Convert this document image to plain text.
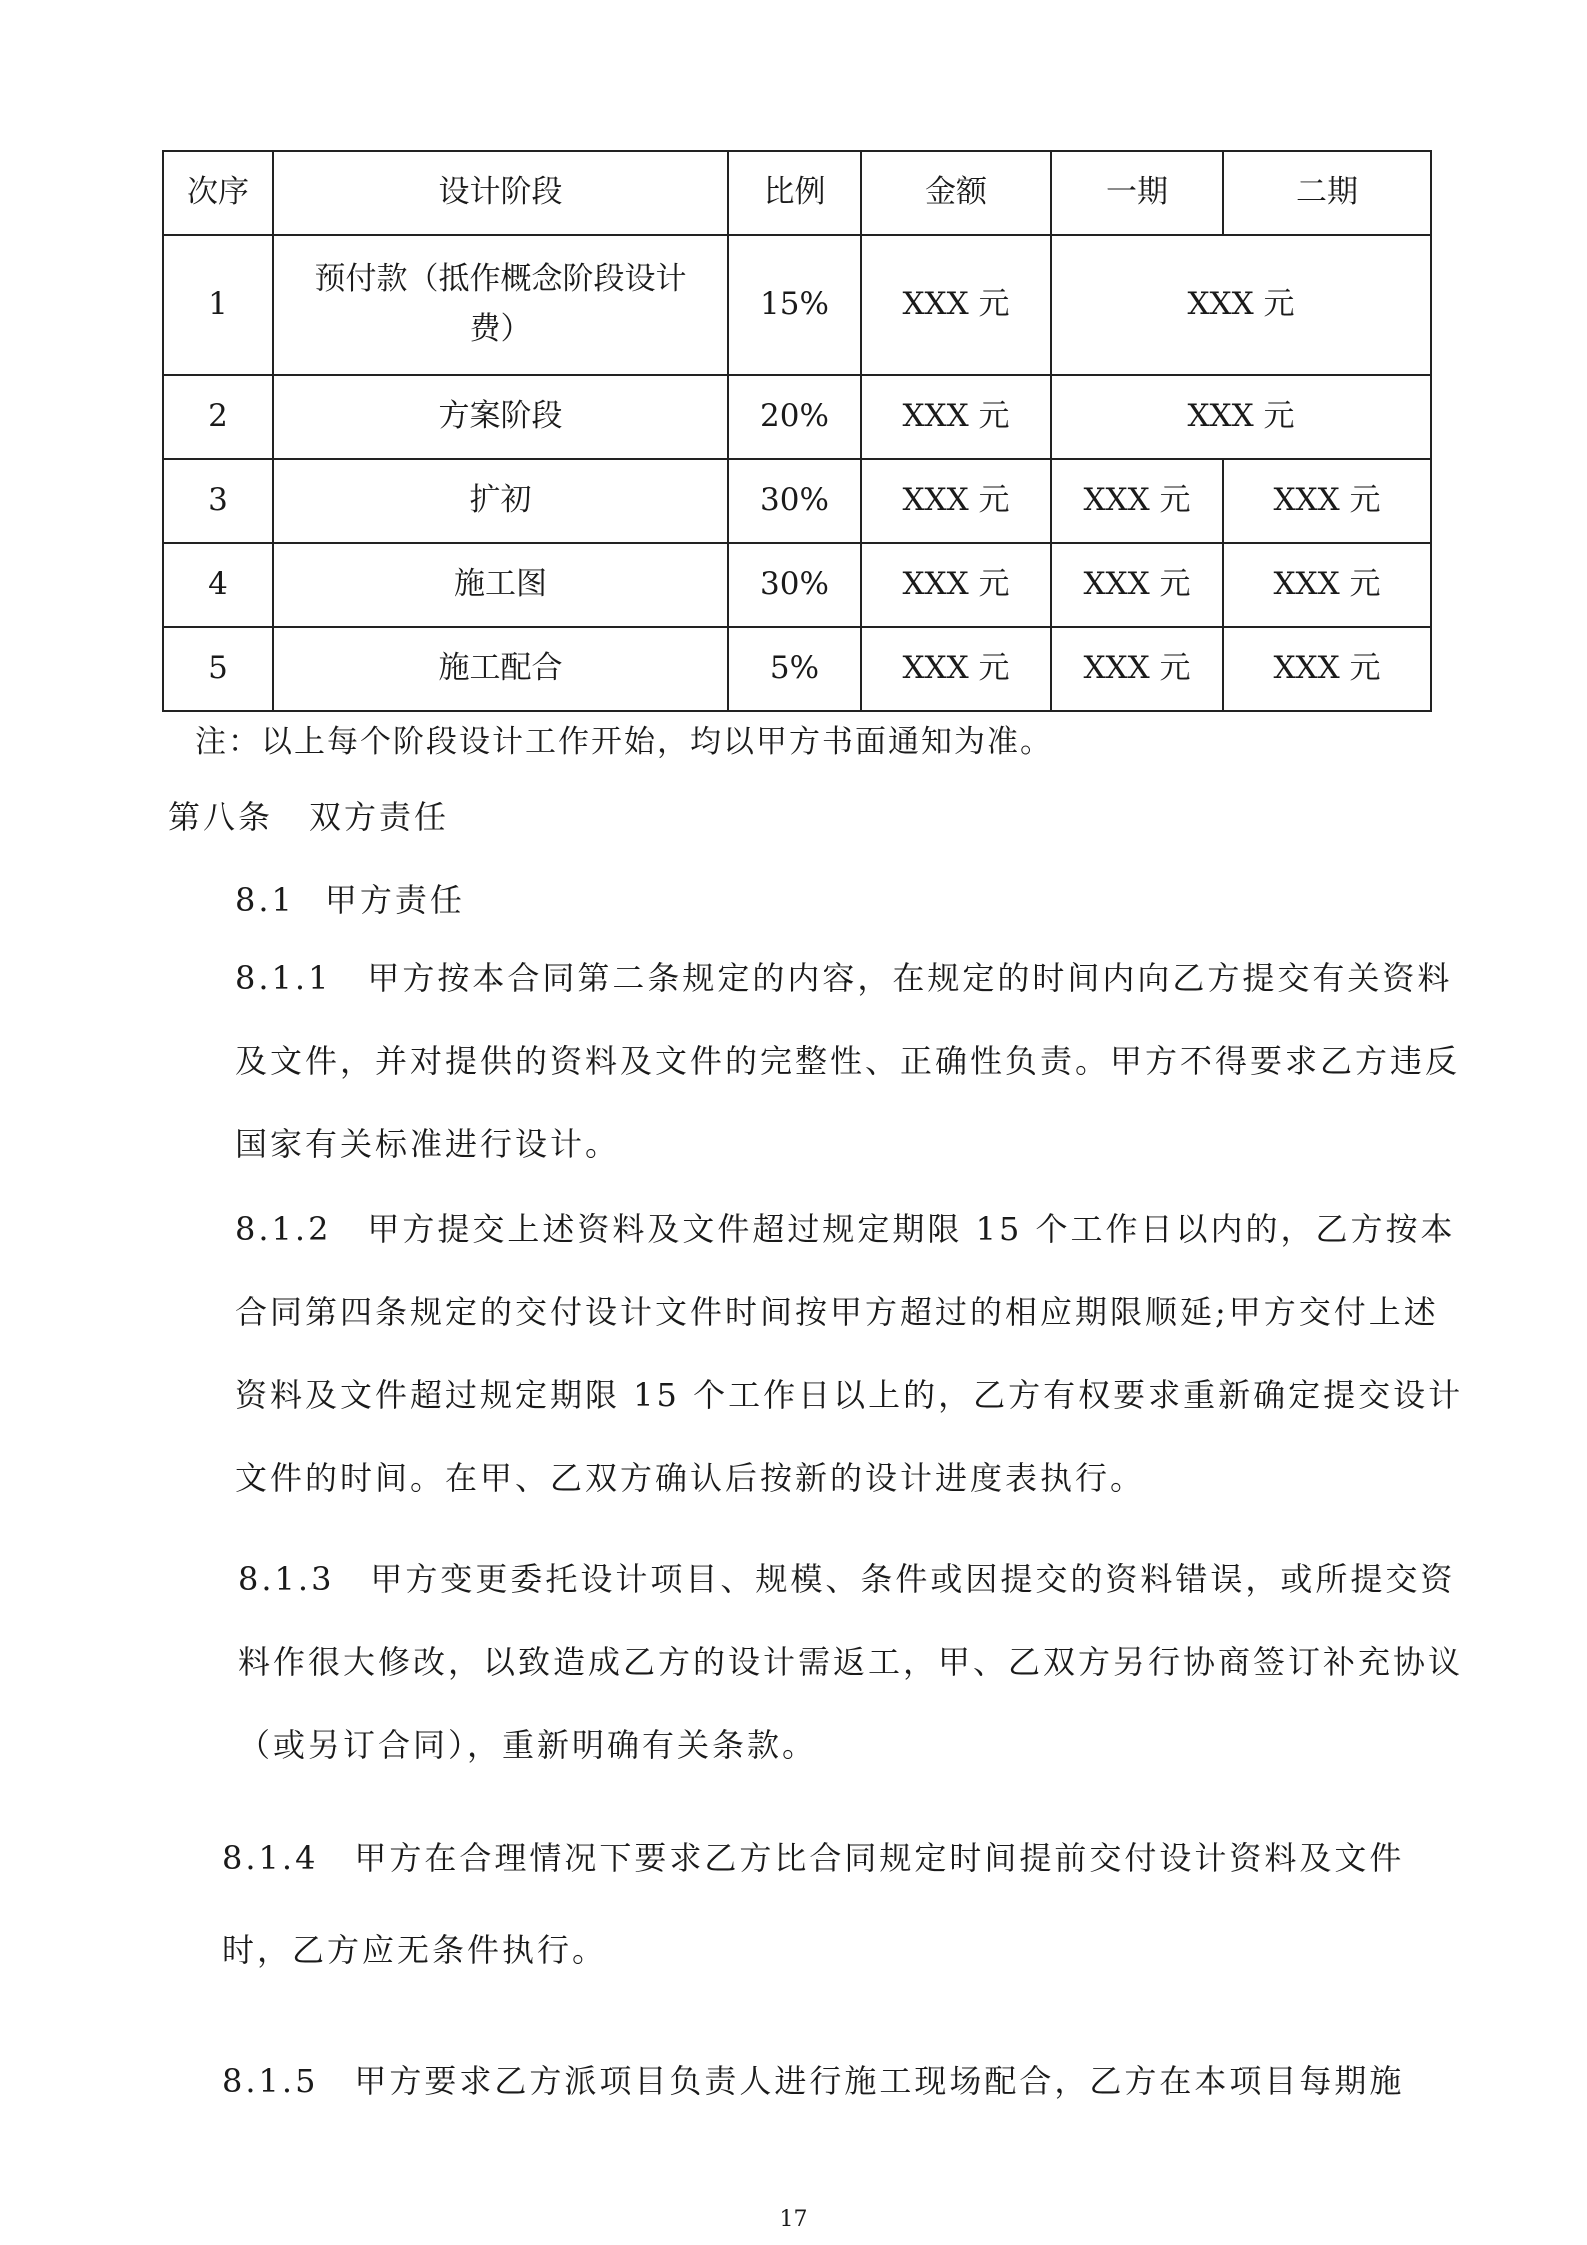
次序	设计阶段	比例	金额	一期	二期
1	预付款（抵作概念阶段设计费）	15%	XXX 元	XXX 元	
2	方案阶段	20%	XXX 元	XXX 元	
3	扩初	30%	XXX 元	XXX 元	XXX 元
4	施工图	30%	XXX 元	XXX 元	XXX 元
5	施工配合	5%	XXX 元	XXX 元	XXX 元
注：以上每个阶段设计工作开始，均以甲方书面通知为准。
第八条 双方责任
8.1 甲方责任

8.1.1 甲方按本合同第二条规定的内容，在规定的时间内向乙方提交有关资料及文件，并对提供的资料及文件的完整性、正确性负责。甲方不得要求乙方违反国家有关标准进行设计。

8.1.2 甲方提交上述资料及文件超过规定期限 15 个工作日以内的，乙方按本合同第四条规定的交付设计文件时间按甲方超过的相应期限顺延;甲方交付上述资料及文件超过规定期限 15 个工作日以上的，乙方有权要求重新确定提交设计文件的时间。在甲、乙双方确认后按新的设计进度表执行。

8.1.3 甲方变更委托设计项目、规模、条件或因提交的资料错误，或所提交资料作很大修改，以致造成乙方的设计需返工，甲、乙双方另行协商签订补充协议（或另订合同），重新明确有关条款。

8.1.4 甲方在合理情况下要求乙方比合同规定时间提前交付设计资料及文件时，乙方应无条件执行。

8.1.5 甲方要求乙方派项目负责人进行施工现场配合，乙方在本项目每期施

17
